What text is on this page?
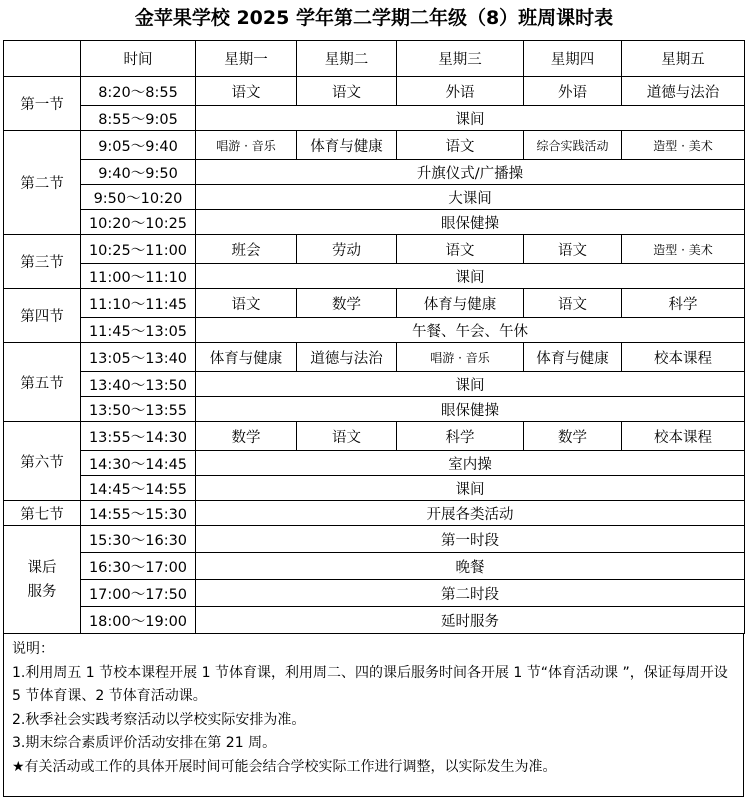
金苹果学校 2025 学年第二学期二年级（8）班周课时表
	时间	星期一	星期二	星期三	星期四	星期五
第一节	8:20～8:55	语文	语文	外语	外语	道德与法治
	8:55～9:05	课间				
第二节	9:05～9:40	唱游 · 音乐	体育与健康	语文	综合实践活动	造型 · 美术
	9:40～9:50	升旗仪式/广播操				
	9:50～10:20	大课间				
	10:20～10:25	眼保健操				
第三节	10:25～11:00	班会	劳动	语文	语文	造型 · 美术
	11:00～11:10	课间				
第四节	11:10～11:45	语文	数学	体育与健康	语文	科学
	11:45～13:05	午餐、午会、午休				
第五节	13:05～13:40	体育与健康	道德与法治	唱游 · 音乐	体育与健康	校本课程
	13:40～13:50	课间				
	13:50～13:55	眼保健操				
第六节	13:55～14:30	数学	语文	科学	数学	校本课程
	14:30～14:45	室内操				
	14:45～14:55	课间				
第七节	14:55～15:30	开展各类活动				

课后
服务	15:30～16:30	第一时段				
	16:30～17:00	晚餐				
	17:00～17:50	第二时段				
	18:00～19:00	延时服务				
说明：
1.利用周五 1 节校本课程开展 1 节体育课，利用周二、四的课后服务时间各开展 1 节“体育活动课 ”，保证每周开设 5 节体育课、2 节体育活动课。
2.秋季社会实践考察活动以学校实际安排为准。
3.期末综合素质评价活动安排在第 21 周。
★有关活动或工作的具体开展时间可能会结合学校实际工作进行调整，以实际发生为准。
